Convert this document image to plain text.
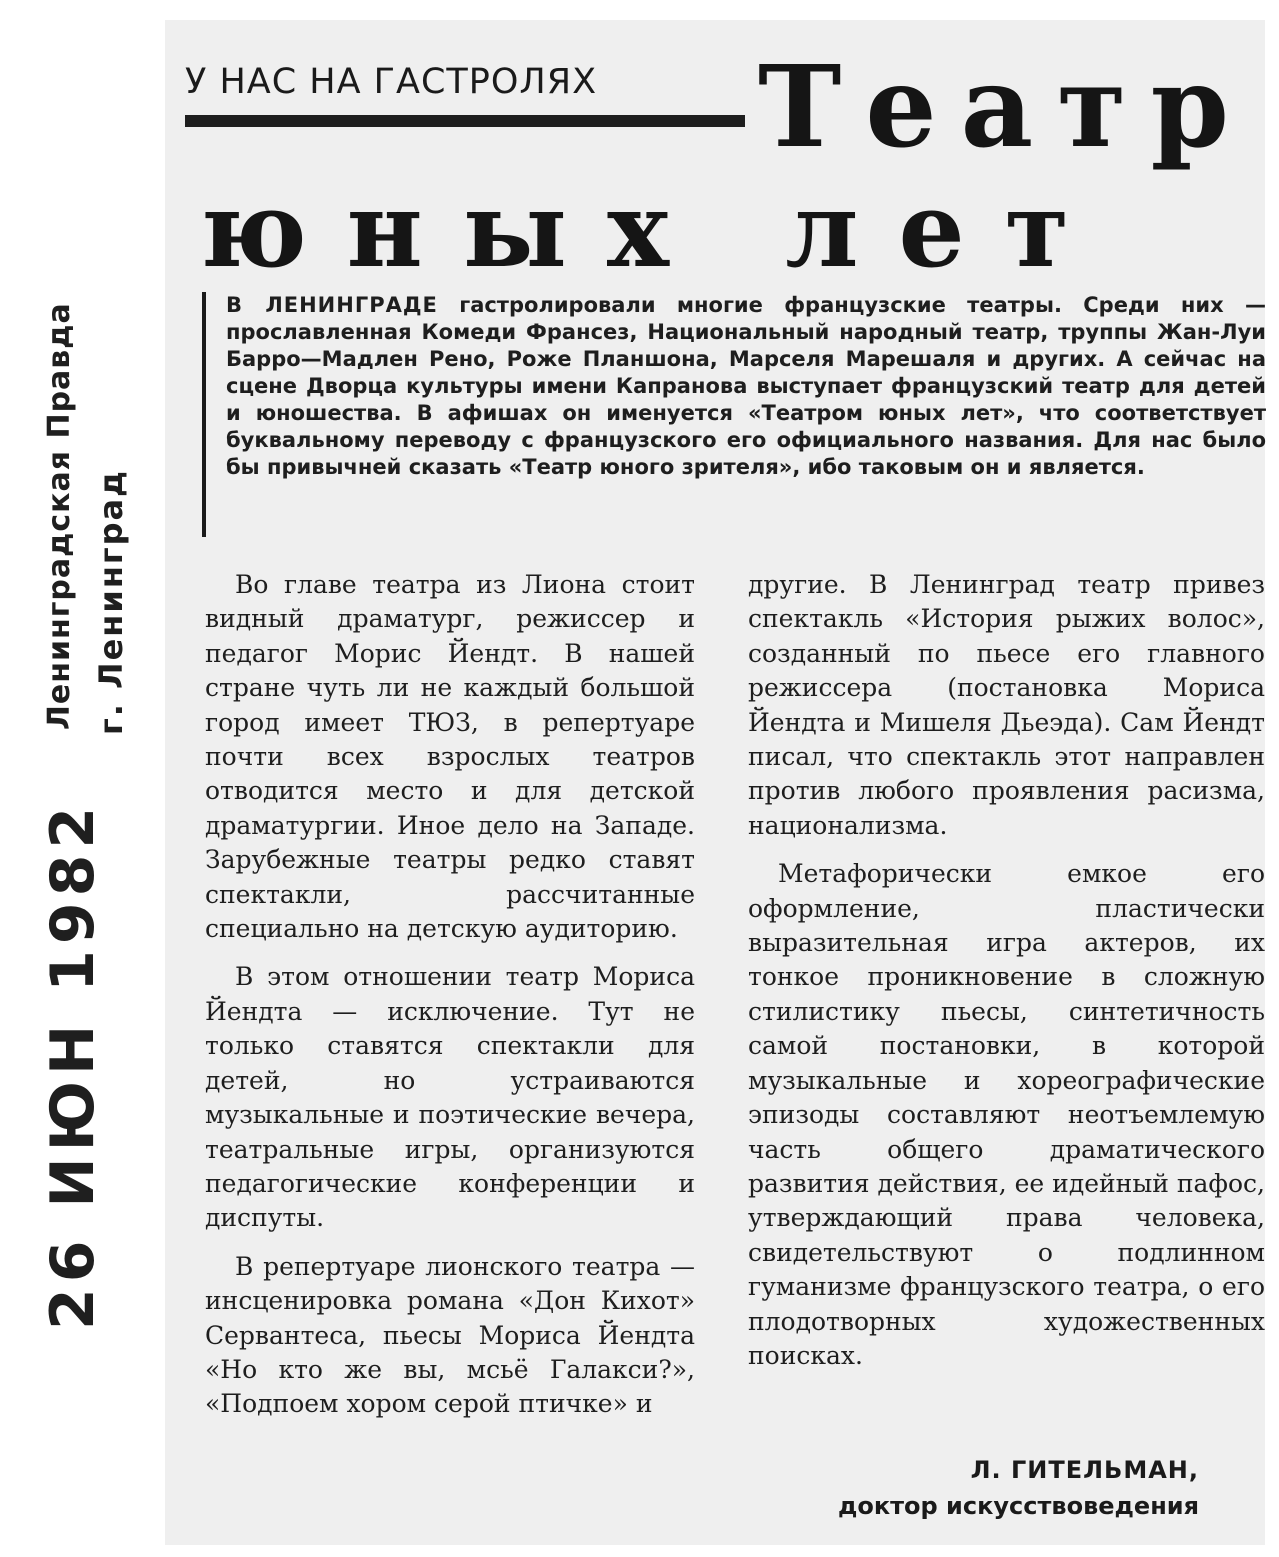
Ленинградская Правда г. Ленинград
26 ИЮН 1982
У НАС НА ГАСТРОЛЯХ Театр
юных лет

В ЛЕНИНГРАДЕ гастролировали многие французские театры. Среди них — прославленная Комеди Франсез, Национальный народный театр, труппы Жан-Луи Барро—Мадлен Рено, Роже Планшона, Марселя Марешаля и других. А сейчас на сцене Дворца культуры имени Капранова выступает французский театр для детей и юношества. В афишах он именуется «Театром юных лет», что соответствует буквальному переводу с французского его официального названия. Для нас было бы привычней сказать «Театр юного зрителя», ибо таковым он и является.

Во главе театра из Лиона стоит видный драматург, режиссер и педагог Морис Йендт. В нашей стране чуть ли не каждый большой город имеет ТЮЗ, в репертуаре почти всех взрослых театров отводится место и для детской драматургии. Иное дело на Западе. Зарубежные театры редко ставят спектакли, рассчитанные специально на детскую аудиторию.

В этом отношении театр Мориса Йендта — исключение. Тут не только ставятся спектакли для детей, но устраиваются музыкальные и поэтические вечера, театральные игры, организуются педагогические конференции и диспуты.

В репертуаре лионского театра — инсценировка романа «Дон Кихот» Сервантеса, пьесы Мориса Йендта «Но кто же вы, мсьё Галакси?», «Подпоем хором серой птичке» и

другие. В Ленинград театр привез спектакль «История рыжих волос», созданный по пьесе его главного режиссера (постановка Мориса Йендта и Мишеля Дьеэда). Сам Йендт писал, что спектакль этот направлен против любого проявления расизма, национализма.

Метафорически емкое его оформление, пластически выразительная игра актеров, их тонкое проникновение в сложную стилистику пьесы, синтетичность самой постановки, в которой музыкальные и хореографические эпизоды составляют неотъемлемую часть общего драматического развития действия, ее идейный пафос, утверждающий права человека, свидетельствуют о подлинном гуманизме французского театра, о его плодотворных художественных поисках.

Л. ГИТЕЛЬМАН,
доктор искусствоведения
